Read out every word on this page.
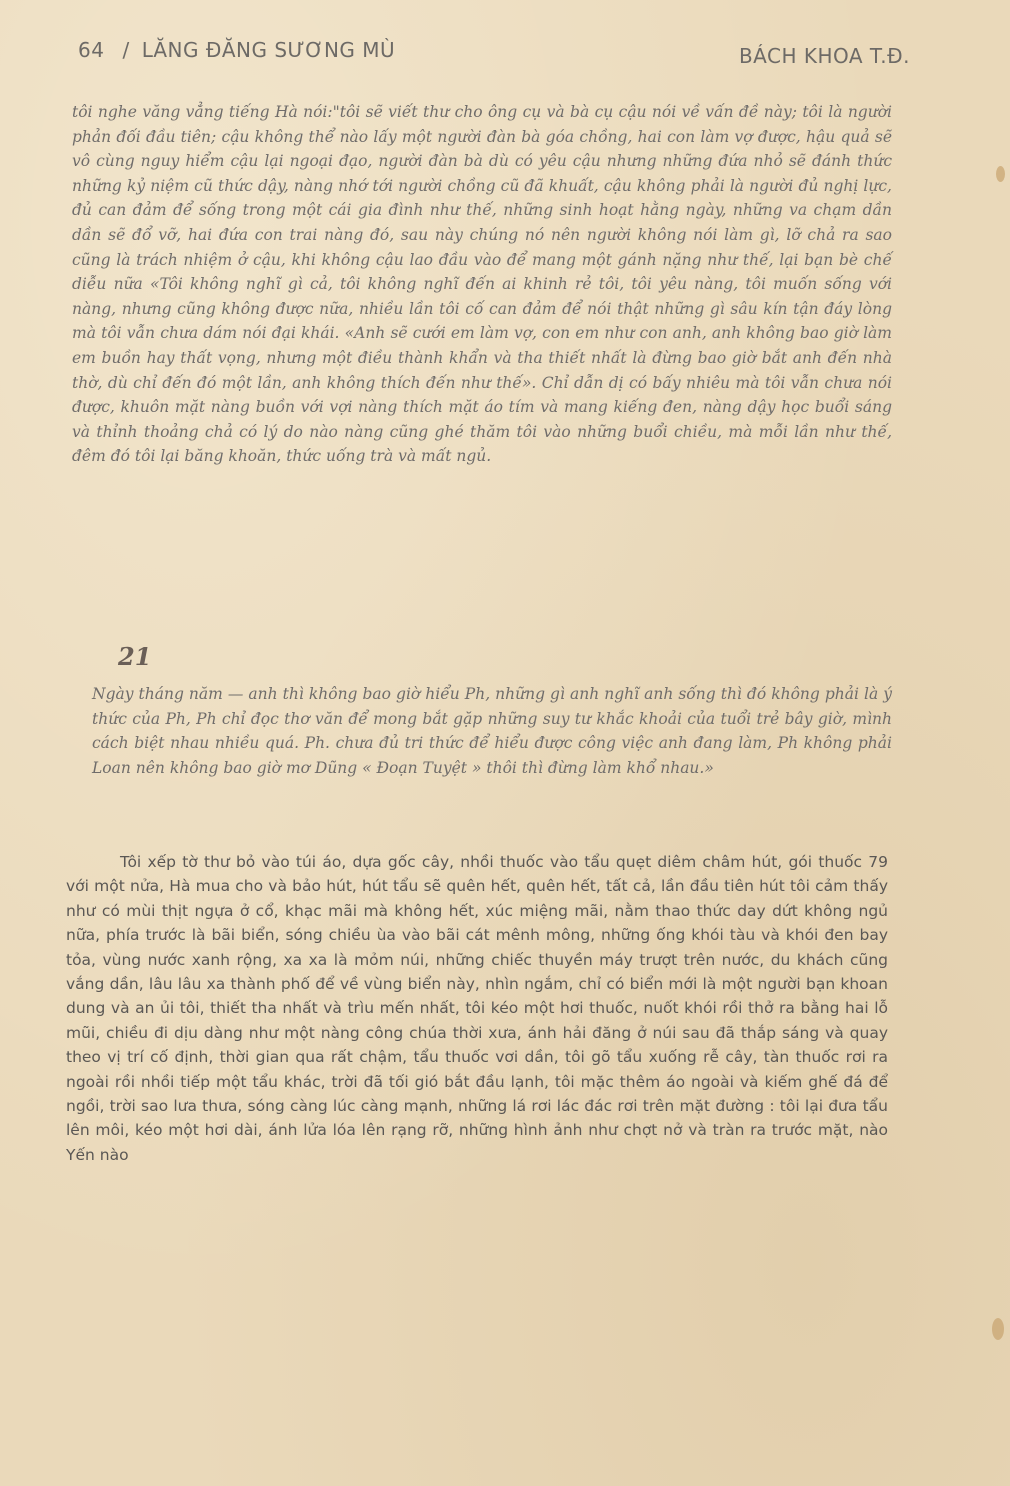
64 / LĂNG ĐĂNG SƯƠNG MÙ	BÁCH KHOA T.Đ.

tôi nghe văng vẳng tiếng Hà nói:"tôi sẽ viết thư cho ông cụ và bà cụ cậu nói về vấn đề này; tôi là người phản đối đầu tiên; cậu không thể nào lấy một người đàn bà góa chồng, hai con làm vợ được, hậu quả sẽ vô cùng nguy hiểm cậu lại ngoại đạo, người đàn bà dù có yêu cậu nhưng những đứa nhỏ sẽ đánh thức những kỷ niệm cũ thức dậy, nàng nhớ tới người chồng cũ đã khuất, cậu không phải là người đủ nghị lực, đủ can đảm để sống trong một cái gia đình như thế, những sinh hoạt hằng ngày, những va chạm dần dần sẽ đổ vỡ, hai đứa con trai nàng đó, sau này chúng nó nên người không nói làm gì, lỡ chả ra sao cũng là trách nhiệm ở cậu, khi không cậu lao đầu vào để mang một gánh nặng như thế, lại bạn bè chế diễu nữa «Tôi không nghĩ gì cả, tôi không nghĩ đến ai khinh rẻ tôi, tôi yêu nàng, tôi muốn sống với nàng, nhưng cũng không được nữa, nhiều lần tôi cố can đảm để nói thật những gì sâu kín tận đáy lòng mà tôi vẫn chưa dám nói đại khái. «Anh sẽ cưới em làm vợ, con em như con anh, anh không bao giờ làm em buồn hay thất vọng, nhưng một điều thành khẩn và tha thiết nhất là đừng bao giờ bắt anh đến nhà thờ, dù chỉ đến đó một lần, anh không thích đến như thế». Chỉ dẫn dị có bấy nhiêu mà tôi vẫn chưa nói được, khuôn mặt nàng buồn với vợi nàng thích mặt áo tím và mang kiếng đen, nàng dậy học buổi sáng và thỉnh thoảng chả có lý do nào nàng cũng ghé thăm tôi vào những buổi chiều, mà mỗi lần như thế, đêm đó tôi lại băng khoăn, thức uống trà và mất ngủ.

21

Ngày tháng năm — anh thì không bao giờ hiểu Ph, những gì anh nghĩ anh sống thì đó không phải là ý thức của Ph, Ph chỉ đọc thơ văn để mong bắt gặp những suy tư khắc khoải của tuổi trẻ bây giờ, mình cách biệt nhau nhiều quá. Ph. chưa đủ tri thức để hiểu được công việc anh đang làm, Ph không phải Loan nên không bao giờ mơ Dũng « Đoạn Tuyệt » thôi thì đừng làm khổ nhau.»

Tôi xếp tờ thư bỏ vào túi áo, dựa gốc cây, nhồi thuốc vào tẩu quẹt diêm châm hút, gói thuốc 79 với một nửa, Hà mua cho và bảo hút, hút tẩu sẽ quên hết, quên hết, tất cả, lần đầu tiên hút tôi cảm thấy như có mùi thịt ngựa ở cổ, khạc mãi mà không hết, xúc miệng mãi, nằm thao thức day dứt không ngủ nữa, phía trước là bãi biển, sóng chiều ùa vào bãi cát mênh mông, những ống khói tàu và khói đen bay tỏa, vùng nước xanh rộng, xa xa là mỏm núi, những chiếc thuyền máy trượt trên nước, du khách cũng vắng dần, lâu lâu xa thành phố để về vùng biển này, nhìn ngắm, chỉ có biển mới là một người bạn khoan dung và an ủi tôi, thiết tha nhất và trìu mến nhất, tôi kéo một hơi thuốc, nuốt khói rồi thở ra bằng hai lỗ mũi, chiều đi dịu dàng như một nàng công chúa thời xưa, ánh hải đăng ở núi sau đã thắp sáng và quay theo vị trí cố định, thời gian qua rất chậm, tẩu thuốc vơi dần, tôi gõ tẩu xuống rễ cây, tàn thuốc rơi ra ngoài rồi nhồi tiếp một tẩu khác, trời đã tối gió bắt đầu lạnh, tôi mặc thêm áo ngoài và kiếm ghế đá để ngồi, trời sao lưa thưa, sóng càng lúc càng mạnh, những lá rơi lác đác rơi trên mặt đường : tôi lại đưa tẩu lên môi, kéo một hơi dài, ánh lửa lóa lên rạng rỡ, những hình ảnh như chợt nở và tràn ra trước mặt, nào Yến nào
